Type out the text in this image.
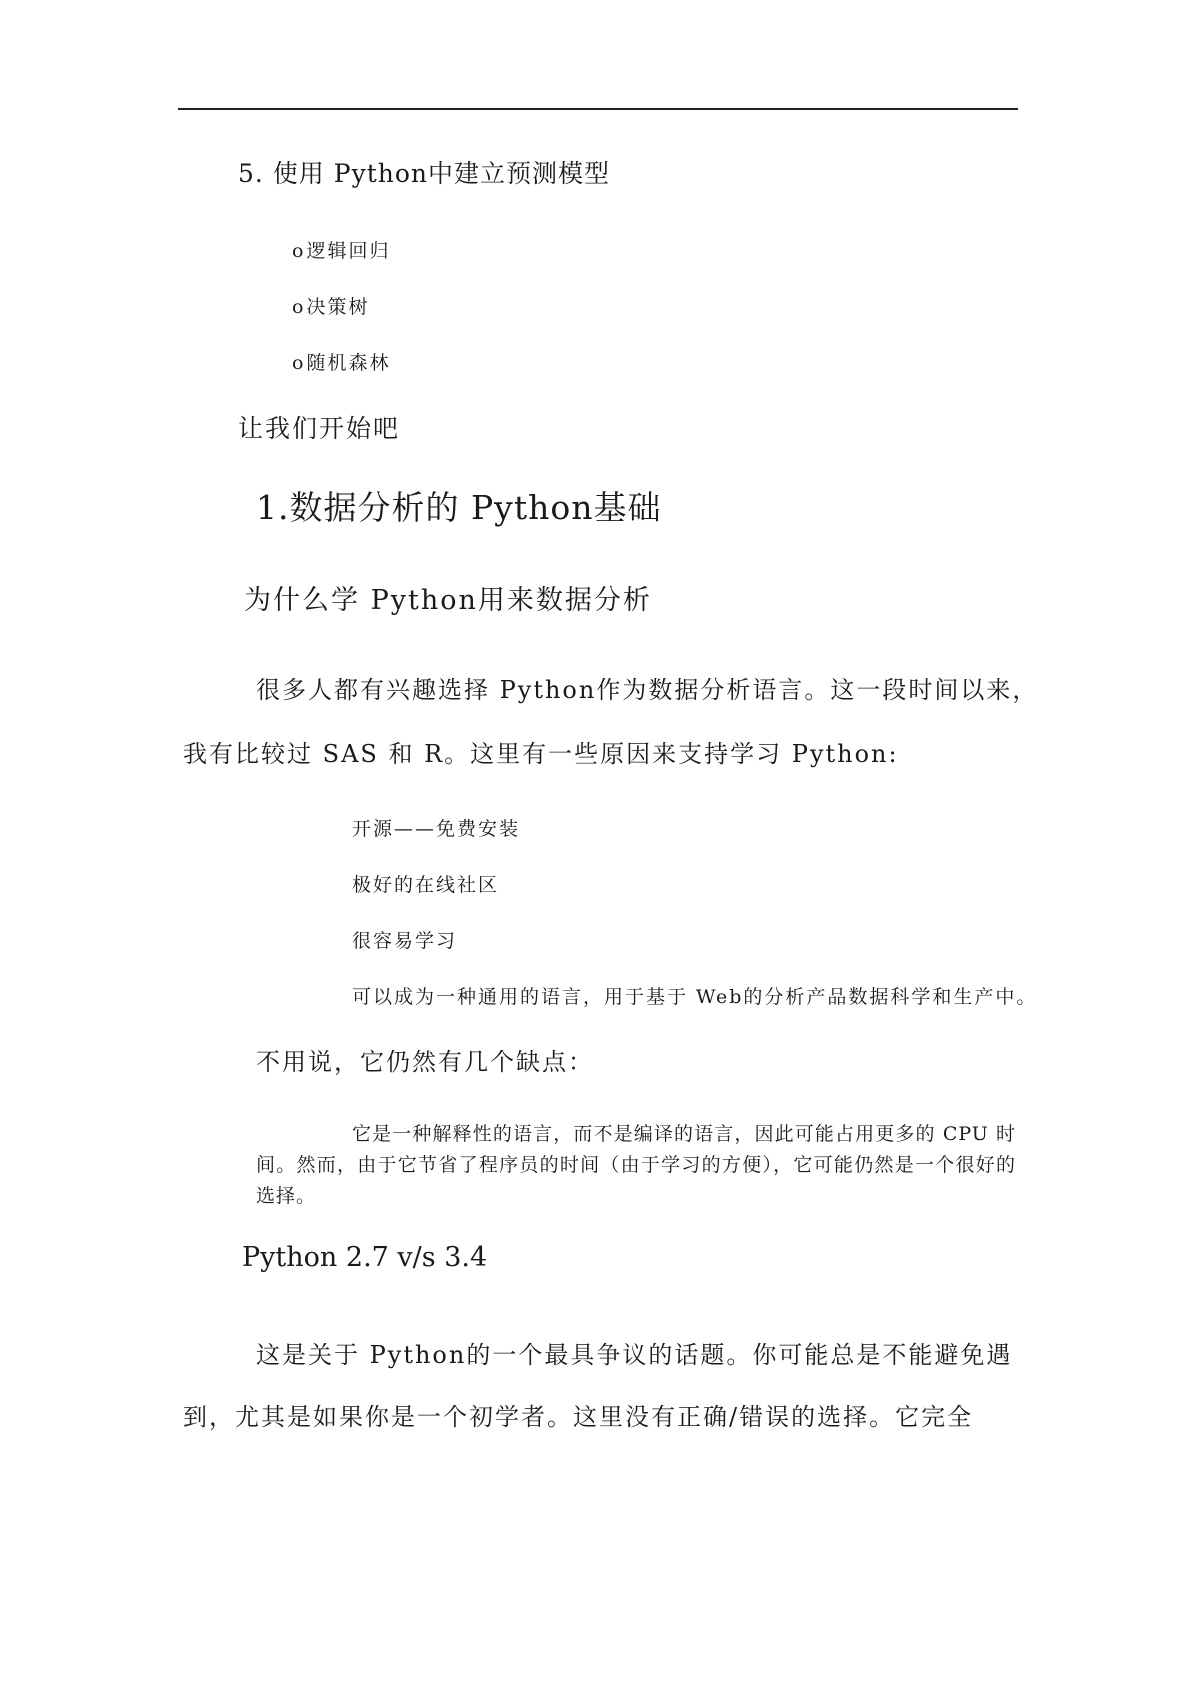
5. 使用 Python中建立预测模型
o逻辑回归
o决策树
o随机森林
让我们开始吧
1.数据分析的 Python基础
为什么学 Python用来数据分析
很多人都有兴趣选择 Python作为数据分析语言。这一段时间以来，
我有比较过 SAS 和 R。这里有一些原因来支持学习 Python:
开源——免费安装
极好的在线社区
很容易学习
可以成为一种通用的语言，用于基于 Web的分析产品数据科学和生产中。
不用说，它仍然有几个缺点：
它是一种解释性的语言，而不是编译的语言，因此可能占用更多的 CPU 时间。然而，由于它节省了程序员的时间（由于学习的方便），它可能仍然是一个很好的选择。
Python 2.7 v/s 3.4
这是关于 Python的一个最具争议的话题。你可能总是不能避免遇
到，尤其是如果你是一个初学者。这里没有正确/错误的选择。它完全
